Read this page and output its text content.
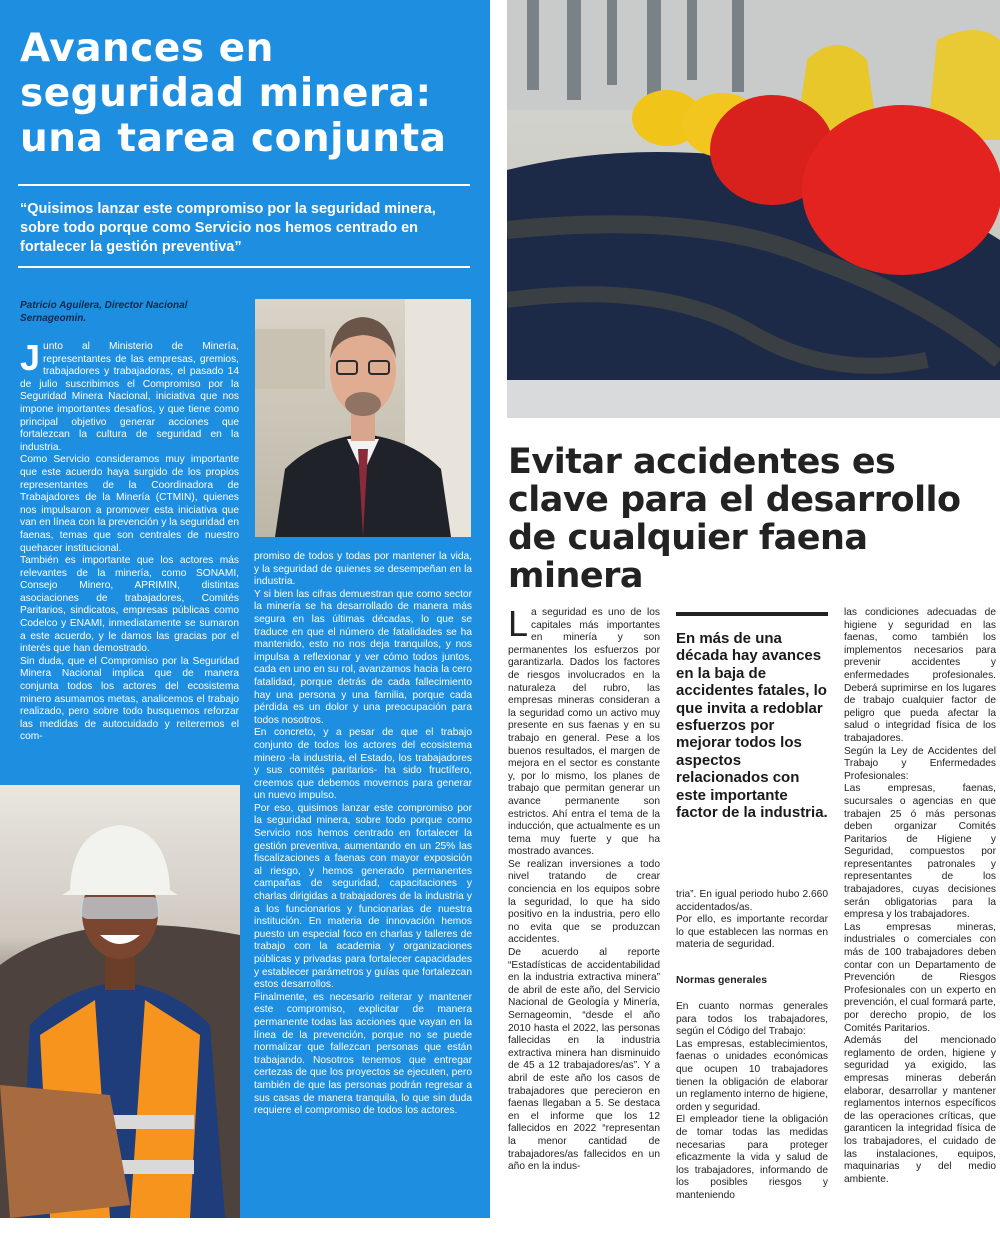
Avances en seguridad minera: una tarea conjunta

“Quisimos lanzar este compromiso por la seguridad minera, sobre todo porque como Servicio nos hemos centrado en fortalecer la gestión preventiva”

Patricio Aguilera, Director Nacional Sernageomin.

J unto al Ministerio de Minería, representantes de las empresas, gremios, trabajadores y trabajadoras, el pasado 14 de julio suscribimos el Compromiso por la Seguridad Minera Nacional, iniciativa que nos impone importantes desafíos, y que tiene como principal objetivo generar acciones que fortalezcan la cultura de seguridad en la industria.

Como Servicio consideramos muy importante que este acuerdo haya surgido de los propios representantes de la Coordinadora de Trabajadores de la Minería (CTMIN), quienes nos impulsaron a promover esta iniciativa que van en línea con la prevención y la seguridad en faenas, temas que son centrales de nuestro quehacer institucional.

También es importante que los actores más relevantes de la minería, como SONAMI, Consejo Minero, APRIMIN, distintas asociaciones de trabajadores, Comités Paritarios, sindicatos, empresas públicas como Codelco y ENAMI, inmediatamente se sumaron a este acuerdo, y le damos las gracias por el interés que han demostrado.

Sin duda, que el Compromiso por la Seguridad Minera Nacional implica que de manera conjunta todos los actores del ecosistema minero asumamos metas, analicemos el trabajo realizado, pero sobre todo busquemos reforzar las medidas de autocuidado y reiteremos el com-

promiso de todos y todas por mantener la vida, y la seguridad de quienes se desempeñan en la industria.

Y si bien las cifras demuestran que como sector la minería se ha desarrollado de manera más segura en las últimas décadas, lo que se traduce en que el número de fatalidades se ha mantenido, esto no nos deja tranquilos, y nos impulsa a reflexionar y ver cómo todos juntos, cada en uno en su rol, avanzamos hacia la cero fatalidad, porque detrás de cada fallecimiento hay una persona y una familia, porque cada pérdida es un dolor y una preocupación para todos nosotros.

En concreto, y a pesar de que el trabajo conjunto de todos los actores del ecosistema minero -la industria, el Estado, los trabajadores y sus comités paritarios- ha sido fructífero, creemos que debemos movernos para generar un nuevo impulso.

Por eso, quisimos lanzar este compromiso por la seguridad minera, sobre todo porque como Servicio nos hemos centrado en fortalecer la gestión preventiva, aumentando en un 25% las fiscalizaciones a faenas con mayor exposición al riesgo, y hemos generado permanentes campañas de seguridad, capacitaciones y charlas dirigidas a trabajadores de la industria y a los funcionarios y funcionarias de nuestra institución. En materia de innovación hemos puesto un especial foco en charlas y talleres de trabajo con la academia y organizaciones públicas y privadas para fortalecer capacidades y establecer parámetros y guías que fortalezcan estos desarrollos.

Finalmente, es necesario reiterar y mantener este compromiso, explicitar de manera permanente todas las acciones que vayan en la línea de la prevención, porque no se puede normalizar que fallezcan personas que están trabajando. Nosotros tenemos que entregar certezas de que los proyectos se ejecuten, pero también de que las personas podrán regresar a sus casas de manera tranquila, lo que sin duda requiere el compromiso de todos los actores.

Evitar accidentes es clave para el desarrollo de cualquier faena minera
L a seguridad es uno de los capitales más importantes en minería y son permanentes los esfuerzos por garantizarla. Dados los factores de riesgos involucrados en la naturaleza del rubro, las empresas mineras consideran a la seguridad como un activo muy presente en sus faenas y en su trabajo en general. Pese a los buenos resultados, el margen de mejora en el sector es constante y, por lo mismo, los planes de trabajo que permitan generar un avance permanente son estrictos. Ahí entra el tema de la inducción, que actualmente es un tema muy fuerte y que ha mostrado avances.

Se realizan inversiones a todo nivel tratando de crear conciencia en los equipos sobre la seguridad, lo que ha sido positivo en la industria, pero ello no evita que se produzcan accidentes.

De acuerdo al reporte “Estadísticas de accidentabilidad en la industria extractiva minera” de abril de este año, del Servicio Nacional de Geología y Minería, Sernageomin, “desde el año 2010 hasta el 2022, las personas fallecidas en la industria extractiva minera han disminuido de 45 a 12 trabajadores/as”. Y a abril de este año los casos de trabajadores que perecieron en faenas llegaban a 5. Se destaca en el informe que los 12 fallecidos en 2022 “representan la menor cantidad de trabajadores/as fallecidos en un año en la indus-

En más de una década hay avances en la baja de accidentes fatales, lo que invita a redoblar esfuerzos por mejorar todos los aspectos relacionados con este importante factor de la industria.

tria”. En igual periodo hubo 2.660 accidentados/as.

Por ello, es importante recordar lo que establecen las normas en materia de seguridad.

Normas generales

En cuanto normas generales para todos los trabajadores, según el Código del Trabajo:

Las empresas, establecimientos, faenas o unidades económicas que ocupen 10 trabajadores tienen la obligación de elaborar un reglamento interno de higiene, orden y seguridad.

El empleador tiene la obligación de tomar todas las medidas necesarias para proteger eficazmente la vida y salud de los trabajadores, informando de los posibles riesgos y manteniendo

las condiciones adecuadas de higiene y seguridad en las faenas, como también los implementos necesarios para prevenir accidentes y enfermedades profesionales. Deberá suprimirse en los lugares de trabajo cualquier factor de peligro que pueda afectar la salud o integridad física de los trabajadores.

Según la Ley de Accidentes del Trabajo y Enfermedades Profesionales:

Las empresas, faenas, sucursales o agencias en que trabajen 25 ó más personas deben organizar Comités Paritarios de Higiene y Seguridad, compuestos por representantes patronales y representantes de los trabajadores, cuyas decisiones serán obligatorias para la empresa y los trabajadores.

Las empresas mineras, industriales o comerciales con más de 100 trabajadores deben contar con un Departamento de Prevención de Riesgos Profesionales con un experto en prevención, el cual formará parte, por derecho propio, de los Comités Paritarios.

Además del mencionado reglamento de orden, higiene y seguridad ya exigido, las empresas mineras deberán elaborar, desarrollar y mantener reglamentos internos específicos de las operaciones críticas, que garanticen la integridad física de los trabajadores, el cuidado de las instalaciones, equipos, maquinarias y del medio ambiente.
